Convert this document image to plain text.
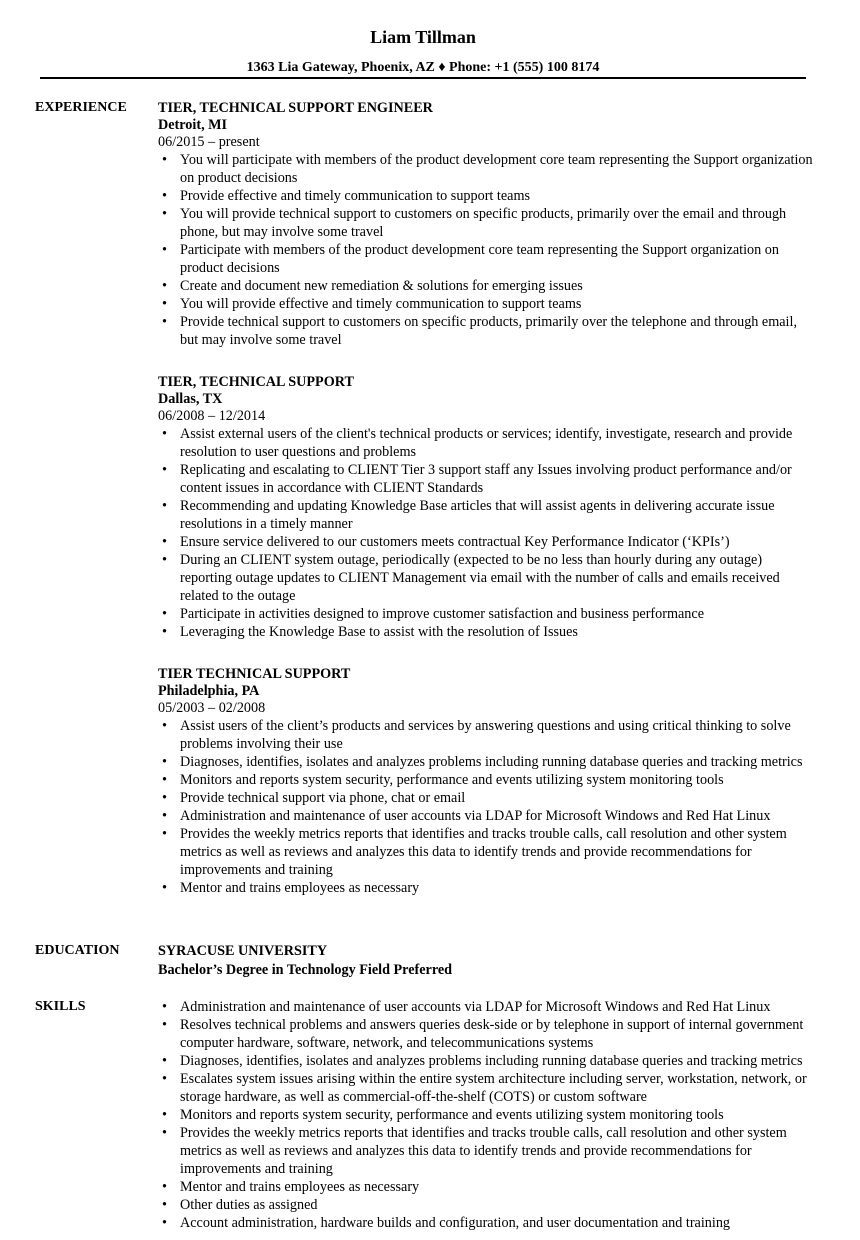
Liam Tillman
1363 Lia Gateway, Phoenix, AZ ♦ Phone: +1 (555) 100 8174
EXPERIENCE TIER, TECHNICAL SUPPORT ENGINEER
Detroit, MI
06/2015 – present
• You will participate with members of the product development core team representing the Support organization on product decisions
• Provide effective and timely communication to support teams
• You will provide technical support to customers on specific products, primarily over the email and through phone, but may involve some travel
• Participate with members of the product development core team representing the Support organization on product decisions
• Create and document new remediation & solutions for emerging issues
• You will provide effective and timely communication to support teams
• Provide technical support to customers on specific products, primarily over the telephone and through email, but may involve some travel
TIER, TECHNICAL SUPPORT
Dallas, TX
06/2008 – 12/2014
• Assist external users of the client's technical products or services; identify, investigate, research and provide resolution to user questions and problems
• Replicating and escalating to CLIENT Tier 3 support staff any Issues involving product performance and/or content issues in accordance with CLIENT Standards
• Recommending and updating Knowledge Base articles that will assist agents in delivering accurate issue resolutions in a timely manner
• Ensure service delivered to our customers meets contractual Key Performance Indicator (‘KPIs’)
• During an CLIENT system outage, periodically (expected to be no less than hourly during any outage) reporting outage updates to CLIENT Management via email with the number of calls and emails received related to the outage
• Participate in activities designed to improve customer satisfaction and business performance
• Leveraging the Knowledge Base to assist with the resolution of Issues
TIER TECHNICAL SUPPORT
Philadelphia, PA
05/2003 – 02/2008
• Assist users of the client’s products and services by answering questions and using critical thinking to solve problems involving their use
• Diagnoses, identifies, isolates and analyzes problems including running database queries and tracking metrics
• Monitors and reports system security, performance and events utilizing system monitoring tools
• Provide technical support via phone, chat or email
• Administration and maintenance of user accounts via LDAP for Microsoft Windows and Red Hat Linux
• Provides the weekly metrics reports that identifies and tracks trouble calls, call resolution and other system metrics as well as reviews and analyzes this data to identify trends and provide recommendations for improvements and training
• Mentor and trains employees as necessary
EDUCATION	SYRACUSE UNIVERSITY
Bachelor’s Degree in Technology Field Preferred
SKILLS
•	Administration and maintenance of user accounts via LDAP for Microsoft Windows and Red Hat Linux
• Resolves technical problems and answers queries desk-side or by telephone in support of internal government computer hardware, software, network, and telecommunications systems
• Diagnoses, identifies, isolates and analyzes problems including running database queries and tracking metrics
• Escalates system issues arising within the entire system architecture including server, workstation, network, or storage hardware, as well as commercial-off-the-shelf (COTS) or custom software
• Monitors and reports system security, performance and events utilizing system monitoring tools
• Provides the weekly metrics reports that identifies and tracks trouble calls, call resolution and other system metrics as well as reviews and analyzes this data to identify trends and provide recommendations for improvements and training
• Mentor and trains employees as necessary
• Other duties as assigned
• Account administration, hardware builds and configuration, and user documentation and training
